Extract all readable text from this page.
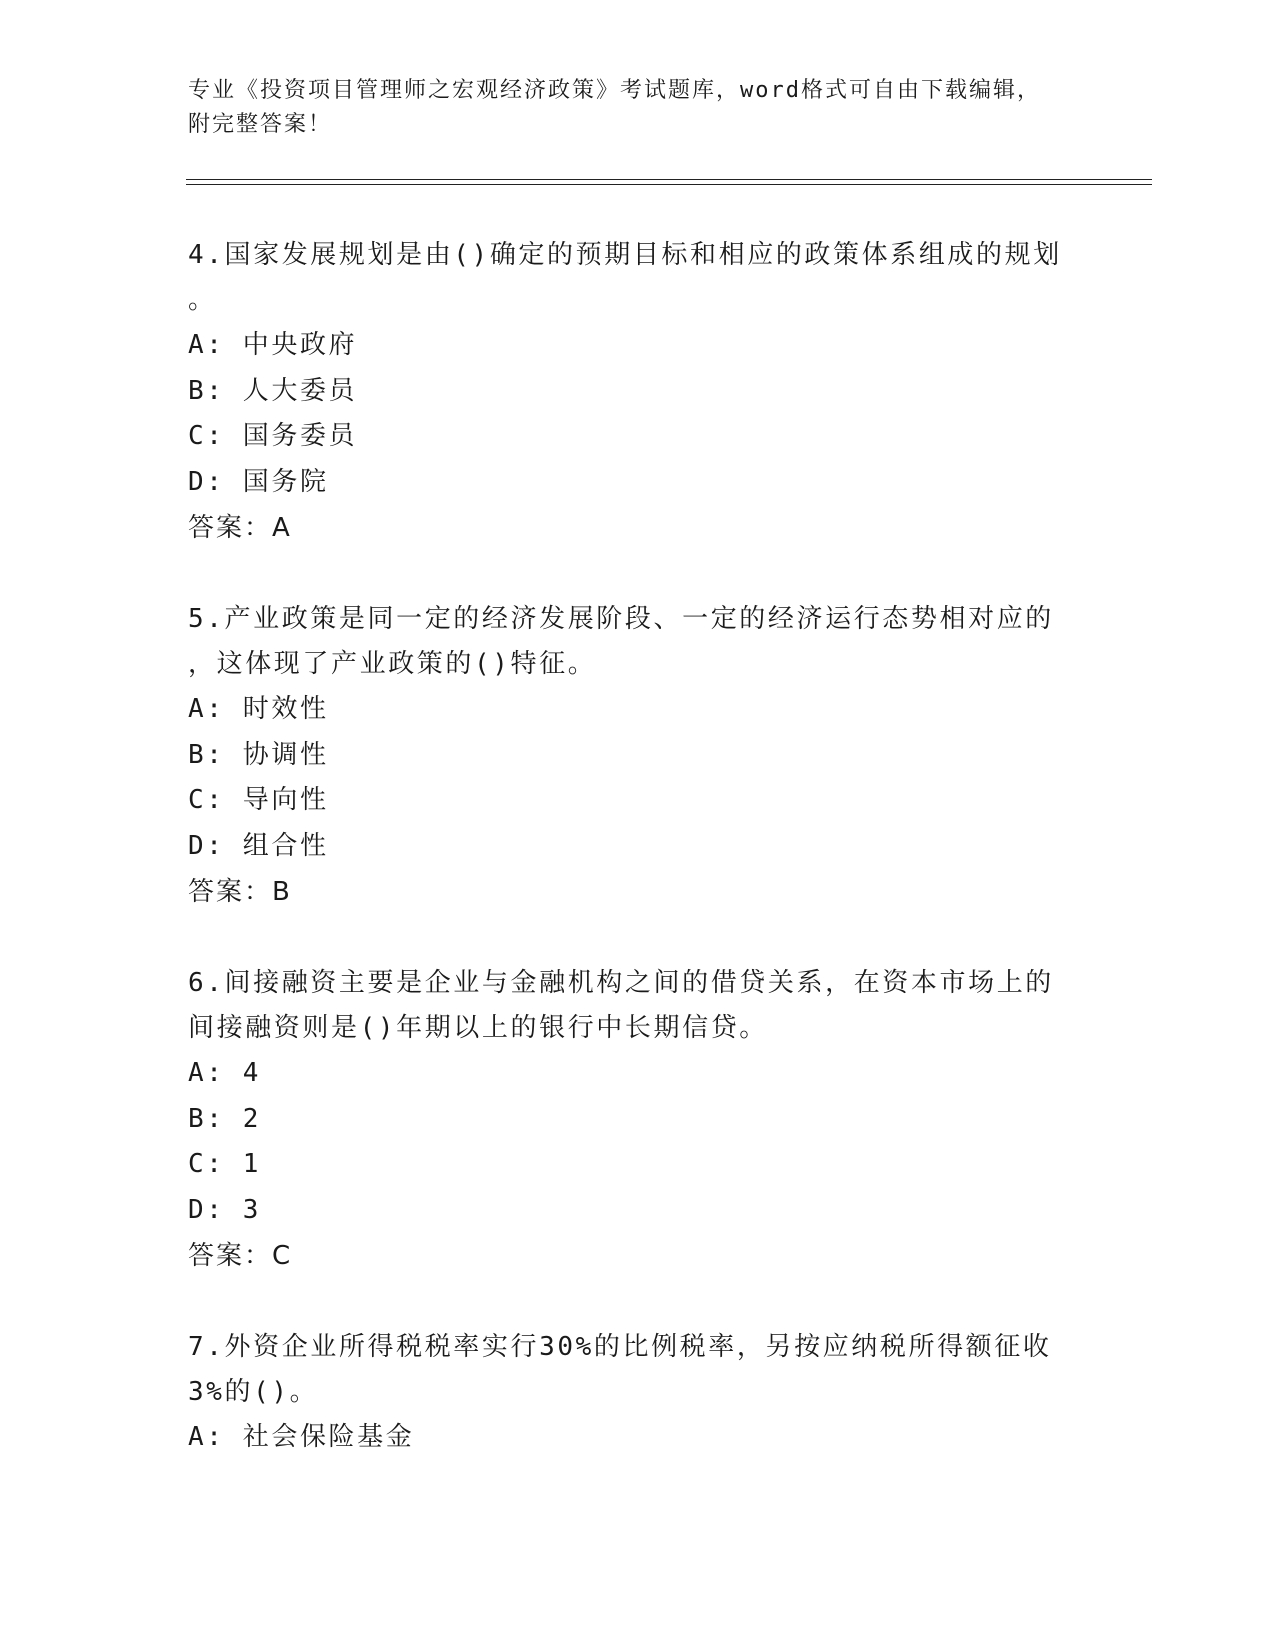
专业《投资项目管理师之宏观经济政策》考试题库，word格式可自由下载编辑，
附完整答案！

4.国家发展规划是由()确定的预期目标和相应的政策体系组成的规划

。

A: 中央政府

B: 人大委员

C: 国务委员

D: 国务院

答案：A

5.产业政策是同一定的经济发展阶段、一定的经济运行态势相对应的

，这体现了产业政策的()特征。

A: 时效性

B: 协调性

C: 导向性

D: 组合性

答案：B

6.间接融资主要是企业与金融机构之间的借贷关系，在资本市场上的

间接融资则是()年期以上的银行中长期信贷。

A: 4

B: 2

C: 1

D: 3

答案：C

7.外资企业所得税税率实行30%的比例税率，另按应纳税所得额征收

3%的()。

A: 社会保险基金
